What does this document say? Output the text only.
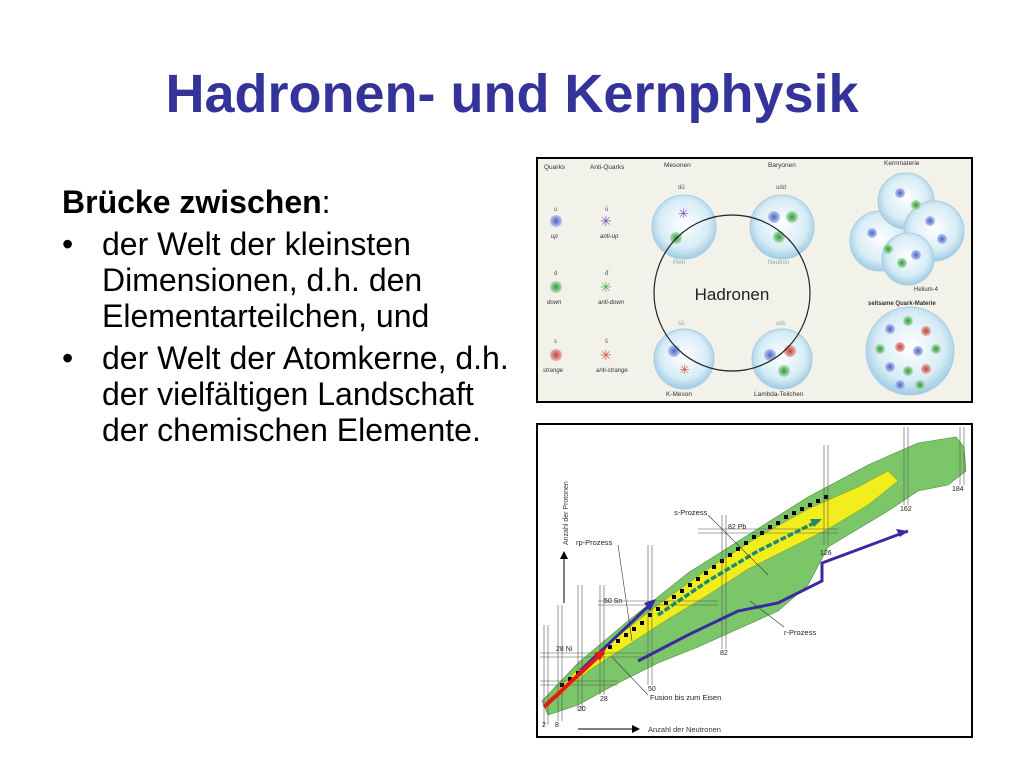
Hadronen- und Kernphysik
Brücke zwischen:
• der Welt der kleinsten Dimensionen, d.h. den Elementarteilchen, und
• der Welt der Atomkerne, d.h. der vielfältigen Landschaft der chemischen Elemente.
Quarks	Anti-Quarks	Mesonen	Baryonen	Kernmaterie
u
up
d
down
s
strange
ū
✳
anti-up
đ
✳
anti-down
s̄
✳
anti-strange
dū
✳
Pion
udd
Neutron
sū
✳
K-Meson
uds
Lambda-Teilchen
Hadronen	Helium-4
seltsame Quark-Materie
s-Prozess
82 Pb
rp-Prozess
50 Sn
28 Ni
r-Prozess
Fusion bis zum Eisen
2 8
20
28
50
82
126
162
184
Anzahl der Protonen
Anzahl der Neutronen
